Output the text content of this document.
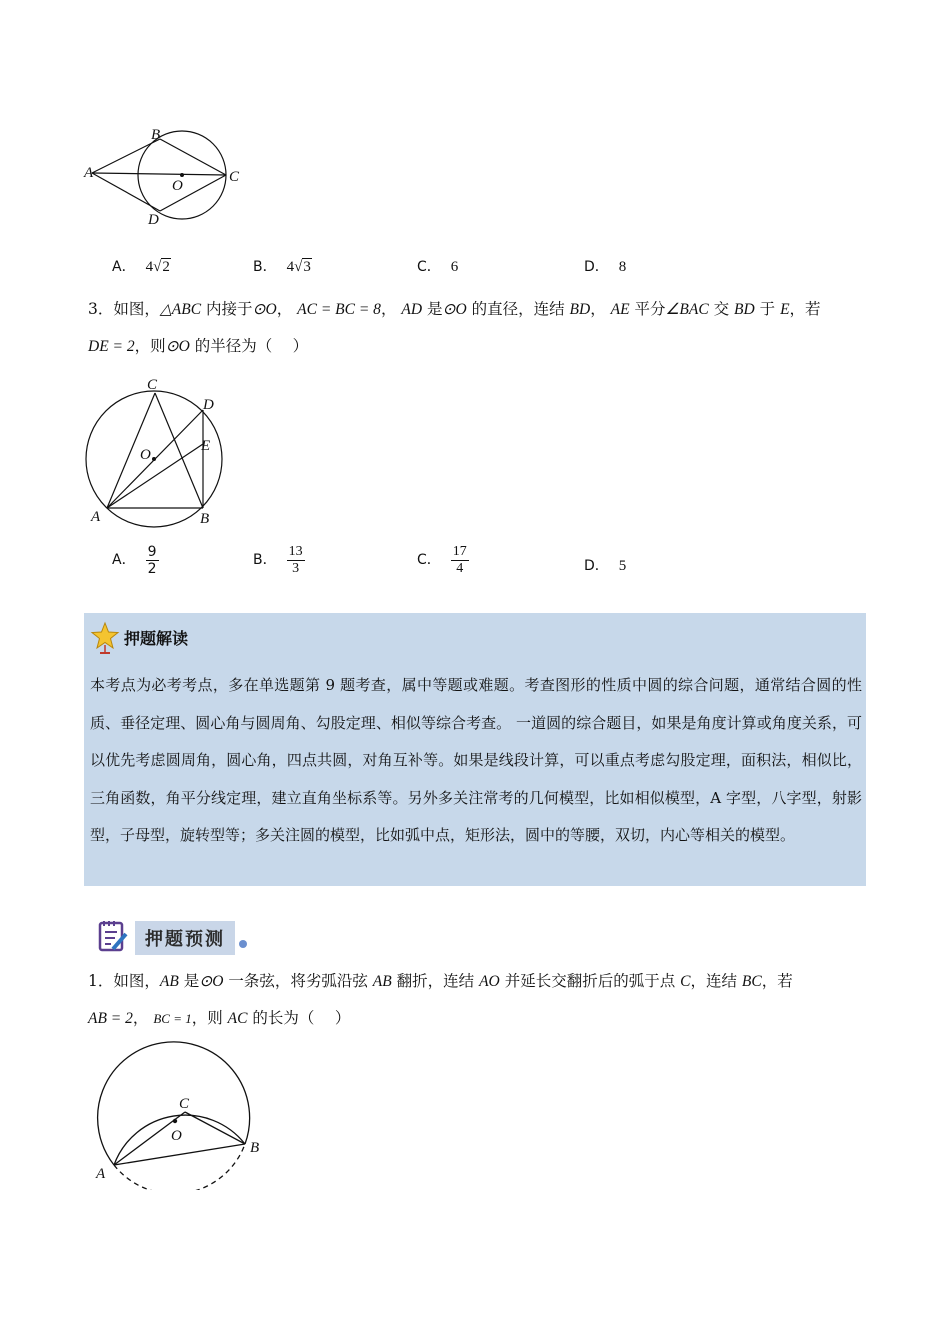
A
B
C
D
O
A． 4√2	B． 4√3	C． 6	D． 8
3．如图，△ABC 内接于⊙O， AC = BC = 8， AD 是⊙O 的直径，连结 BD， AE 平分∠BAC 交 BD 于 E，若
DE = 2，则⊙O 的半径为（　 ）
A	B
C
D
E
O
A． $\frac{9}{2}$	B． $\frac{13}{3}$	C． $\frac{17}{4}$	D． 5
押题解读
本考点为必考考点，多在单选题第 9 题考查，属中等题或难题。考查图形的性质中圆的综合问题，通常结合圆的性质、垂径定理、圆心角与圆周角、勾股定理、相似等综合考查。 一道圆的综合题目，如果是角度计算或角度关系，可以优先考虑圆周角，圆心角，四点共圆，对角互补等。如果是线段计算，可以重点考虑勾股定理，面积法，相似比，三角函数，角平分线定理，建立直角坐标系等。另外多关注常考的几何模型，比如相似模型，A 字型，八字型，射影型，子母型，旋转型等；多关注圆的模型，比如弧中点，矩形法，圆中的等腰，双切，内心等相关的模型。
押题预测
1．如图，AB 是⊙O 一条弦，将劣弧沿弦 AB 翻折，连结 AO 并延长交翻折后的弧于点 C，连结 BC，若
AB = 2， BC = 1，则 AC 的长为（　 ）
A
B
C
O
